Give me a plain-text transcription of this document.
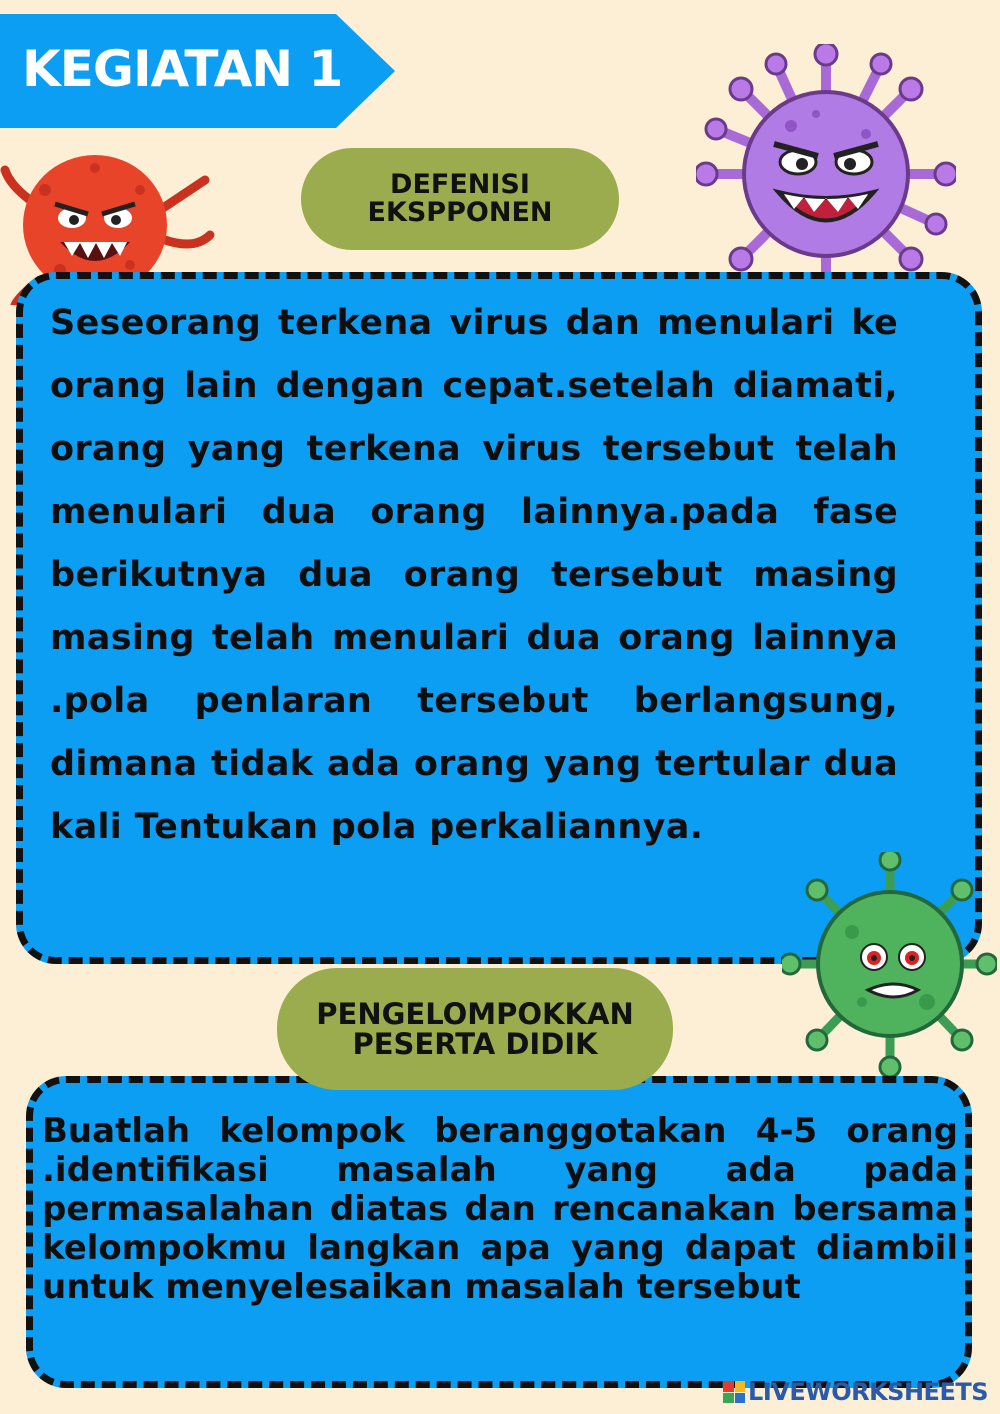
KEGIATAN 1
DEFENISI
EKSPPONEN
Seseorang terkena virus dan menulari ke orang lain dengan cepat.setelah diamati, orang yang terkena virus tersebut telah menulari dua orang lainnya.pada fase berikutnya dua orang tersebut masing masing telah menulari dua orang lainnya .pola penlaran tersebut berlangsung, dimana tidak ada orang yang tertular dua kali Tentukan pola perkaliannya.
PENGELOMPOKKAN
PESERTA DIDIK
Buatlah kelompok beranggotakan 4-5 orang .identifikasi masalah yang ada pada permasalahan diatas dan rencanakan bersama kelompokmu langkan apa yang dapat diambil untuk menyelesaikan masalah tersebut
LIVEWORKSHEETS
